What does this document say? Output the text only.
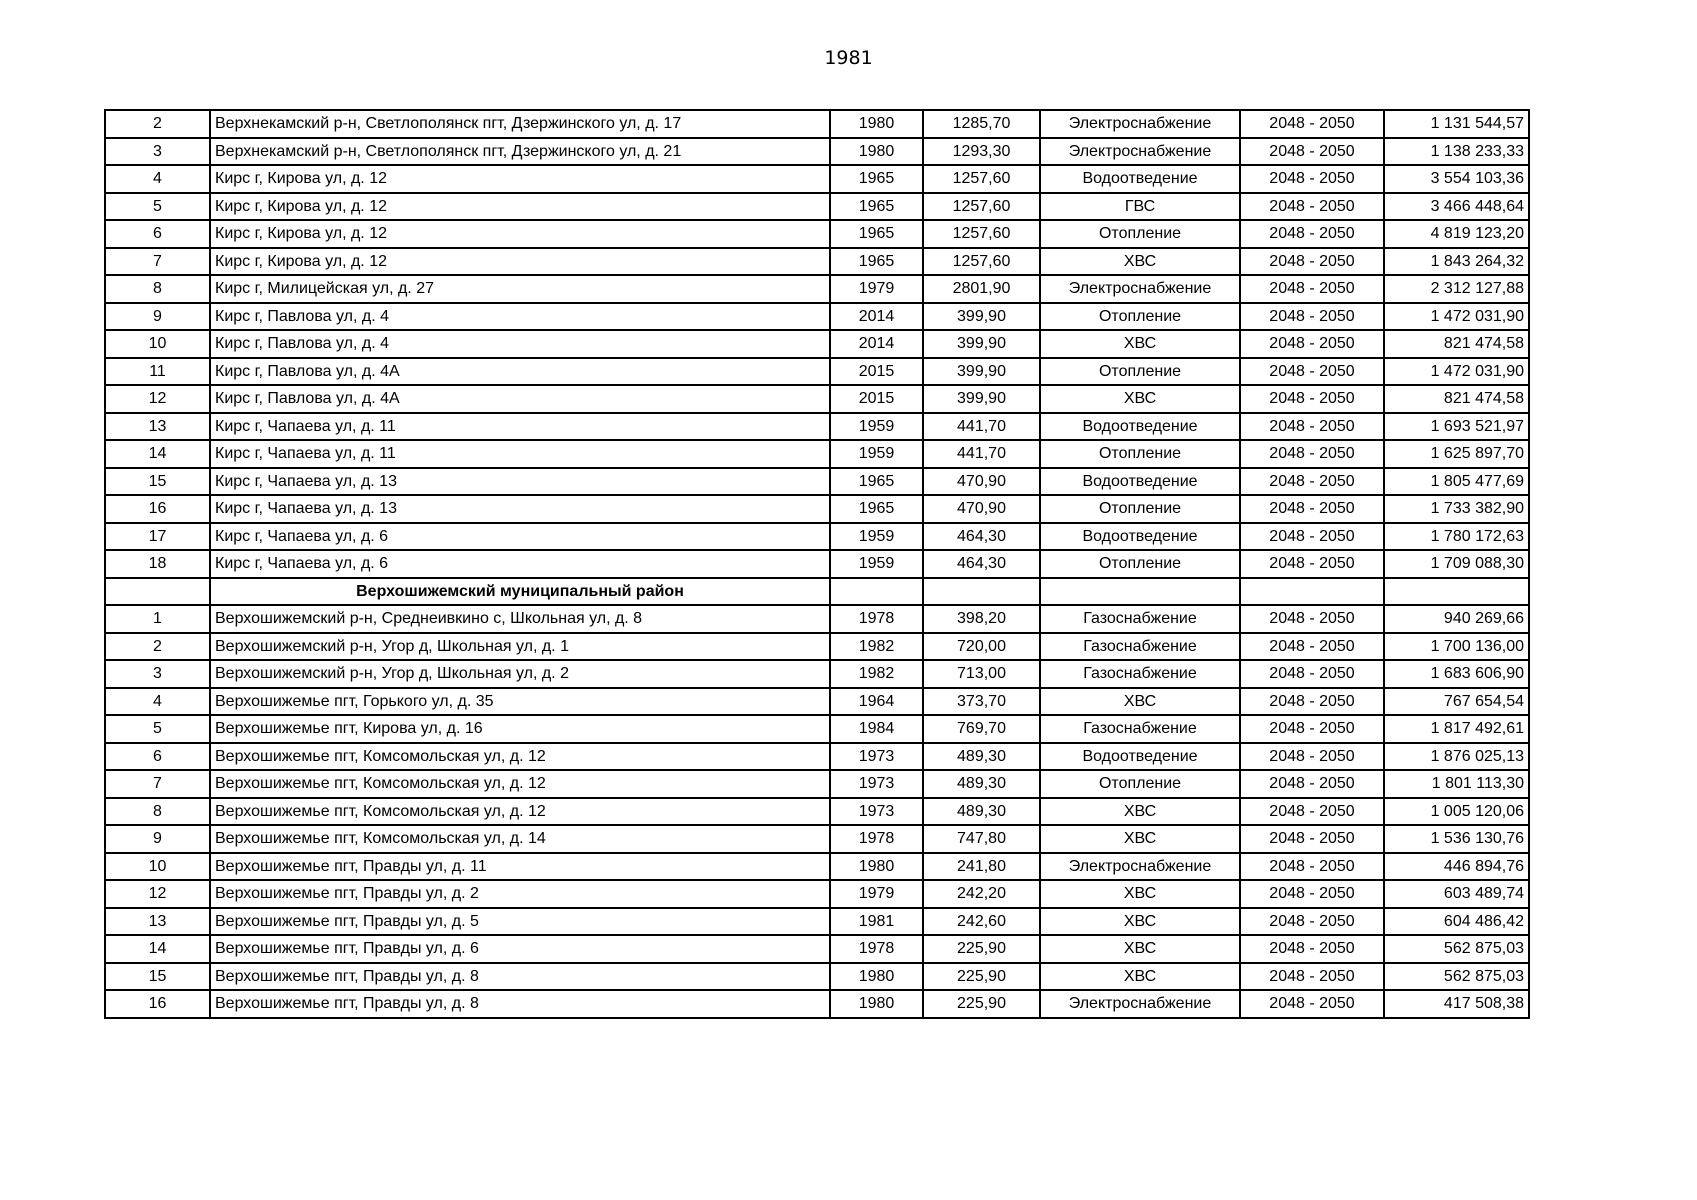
1981
2	Верхнекамский р-н, Светлополянск пгт, Дзержинского ул, д. 17	1980	1285,70	Электроснабжение	2048 - 2050	1 131 544,57
3	Верхнекамский р-н, Светлополянск пгт, Дзержинского ул, д. 21	1980	1293,30	Электроснабжение	2048 - 2050	1 138 233,33
4	Кирс г, Кирова ул, д. 12	1965	1257,60	Водоотведение	2048 - 2050	3 554 103,36
5	Кирс г, Кирова ул, д. 12	1965	1257,60	ГВС	2048 - 2050	3 466 448,64
6	Кирс г, Кирова ул, д. 12	1965	1257,60	Отопление	2048 - 2050	4 819 123,20
7	Кирс г, Кирова ул, д. 12	1965	1257,60	ХВС	2048 - 2050	1 843 264,32
8	Кирс г, Милицейская ул, д. 27	1979	2801,90	Электроснабжение	2048 - 2050	2 312 127,88
9	Кирс г, Павлова ул, д. 4	2014	399,90	Отопление	2048 - 2050	1 472 031,90
10	Кирс г, Павлова ул, д. 4	2014	399,90	ХВС	2048 - 2050	821 474,58
11	Кирс г, Павлова ул, д. 4А	2015	399,90	Отопление	2048 - 2050	1 472 031,90
12	Кирс г, Павлова ул, д. 4А	2015	399,90	ХВС	2048 - 2050	821 474,58
13	Кирс г, Чапаева ул, д. 11	1959	441,70	Водоотведение	2048 - 2050	1 693 521,97
14	Кирс г, Чапаева ул, д. 11	1959	441,70	Отопление	2048 - 2050	1 625 897,70
15	Кирс г, Чапаева ул, д. 13	1965	470,90	Водоотведение	2048 - 2050	1 805 477,69
16	Кирс г, Чапаева ул, д. 13	1965	470,90	Отопление	2048 - 2050	1 733 382,90
17	Кирс г, Чапаева ул, д. 6	1959	464,30	Водоотведение	2048 - 2050	1 780 172,63
18	Кирс г, Чапаева ул, д. 6	1959	464,30	Отопление	2048 - 2050	1 709 088,30
	Верхошижемский муниципальный район					
1	Верхошижемский р-н, Среднеивкино с, Школьная ул, д. 8	1978	398,20	Газоснабжение	2048 - 2050	940 269,66
2	Верхошижемский р-н, Угор д, Школьная ул, д. 1	1982	720,00	Газоснабжение	2048 - 2050	1 700 136,00
3	Верхошижемский р-н, Угор д, Школьная ул, д. 2	1982	713,00	Газоснабжение	2048 - 2050	1 683 606,90
4	Верхошижемье пгт, Горького ул, д. 35	1964	373,70	ХВС	2048 - 2050	767 654,54
5	Верхошижемье пгт, Кирова ул, д. 16	1984	769,70	Газоснабжение	2048 - 2050	1 817 492,61
6	Верхошижемье пгт, Комсомольская ул, д. 12	1973	489,30	Водоотведение	2048 - 2050	1 876 025,13
7	Верхошижемье пгт, Комсомольская ул, д. 12	1973	489,30	Отопление	2048 - 2050	1 801 113,30
8	Верхошижемье пгт, Комсомольская ул, д. 12	1973	489,30	ХВС	2048 - 2050	1 005 120,06
9	Верхошижемье пгт, Комсомольская ул, д. 14	1978	747,80	ХВС	2048 - 2050	1 536 130,76
10	Верхошижемье пгт, Правды ул, д. 11	1980	241,80	Электроснабжение	2048 - 2050	446 894,76
12	Верхошижемье пгт, Правды ул, д. 2	1979	242,20	ХВС	2048 - 2050	603 489,74
13	Верхошижемье пгт, Правды ул, д. 5	1981	242,60	ХВС	2048 - 2050	604 486,42
14	Верхошижемье пгт, Правды ул, д. 6	1978	225,90	ХВС	2048 - 2050	562 875,03
15	Верхошижемье пгт, Правды ул, д. 8	1980	225,90	ХВС	2048 - 2050	562 875,03
16	Верхошижемье пгт, Правды ул, д. 8	1980	225,90	Электроснабжение	2048 - 2050	417 508,38
